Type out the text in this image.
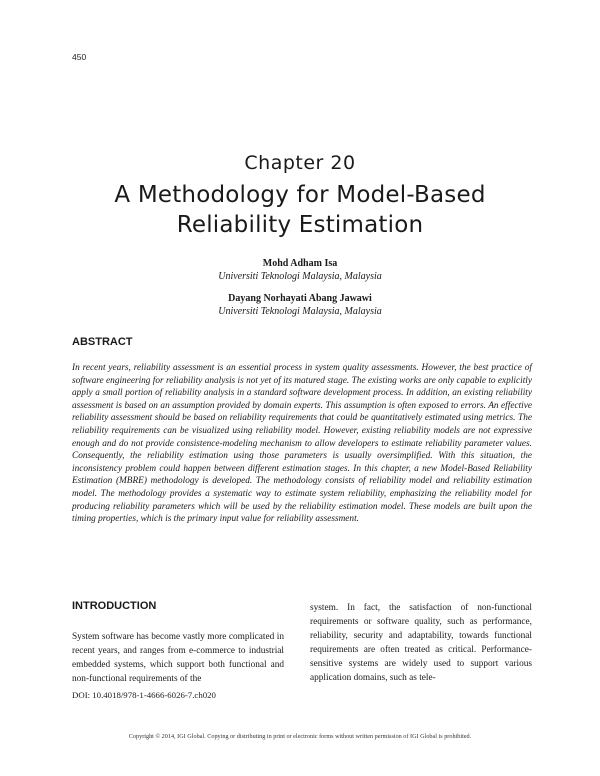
450
Chapter 20
A Methodology for Model-Based Reliability Estimation
Mohd Adham Isa
Universiti Teknologi Malaysia, Malaysia
Dayang Norhayati Abang Jawawi
Universiti Teknologi Malaysia, Malaysia
ABSTRACT

In recent years, reliability assessment is an essential process in system quality assessments. However, the best practice of software engineering for reliability analysis is not yet of its matured stage. The existing works are only capable to explicitly apply a small portion of reliability analysis in a standard software development process. In addition, an existing reliability assessment is based on an assumption provided by domain experts. This assumption is often exposed to errors. An effective reliability assessment should be based on reliability requirements that could be quantitatively estimated using metrics. The reliability requirements can be visualized using reliability model. However, existing reliability models are not expressive enough and do not provide consistence-modeling mechanism to allow developers to estimate reliability parameter values. Consequently, the reliability estimation using those parameters is usually oversimplified. With this situation, the inconsistency problem could happen between different estimation stages. In this chapter, a new Model-Based Reliability Estimation (MBRE) methodology is developed. The methodology consists of reliability model and reliability estimation model. The methodology provides a systematic way to estimate system reliability, emphasizing the reliability model for producing reliability parameters which will be used by the reliability estimation model. These models are built upon the timing properties, which is the primary input value for reliability assessment.

INTRODUCTION

System software has become vastly more complicated in recent years, and ranges from e-commerce to industrial embedded systems, which support both functional and non-functional requirements of the

system. In fact, the satisfaction of non-functional requirements or software quality, such as performance, reliability, security and adaptability, towards functional requirements are often treated as critical. Performance-sensitive systems are widely used to support various application domains, such as tele-

DOI: 10.4018/978-1-4666-6026-7.ch020
Copyright © 2014, IGI Global. Copying or distributing in print or electronic forms without written permission of IGI Global is prohibited.
